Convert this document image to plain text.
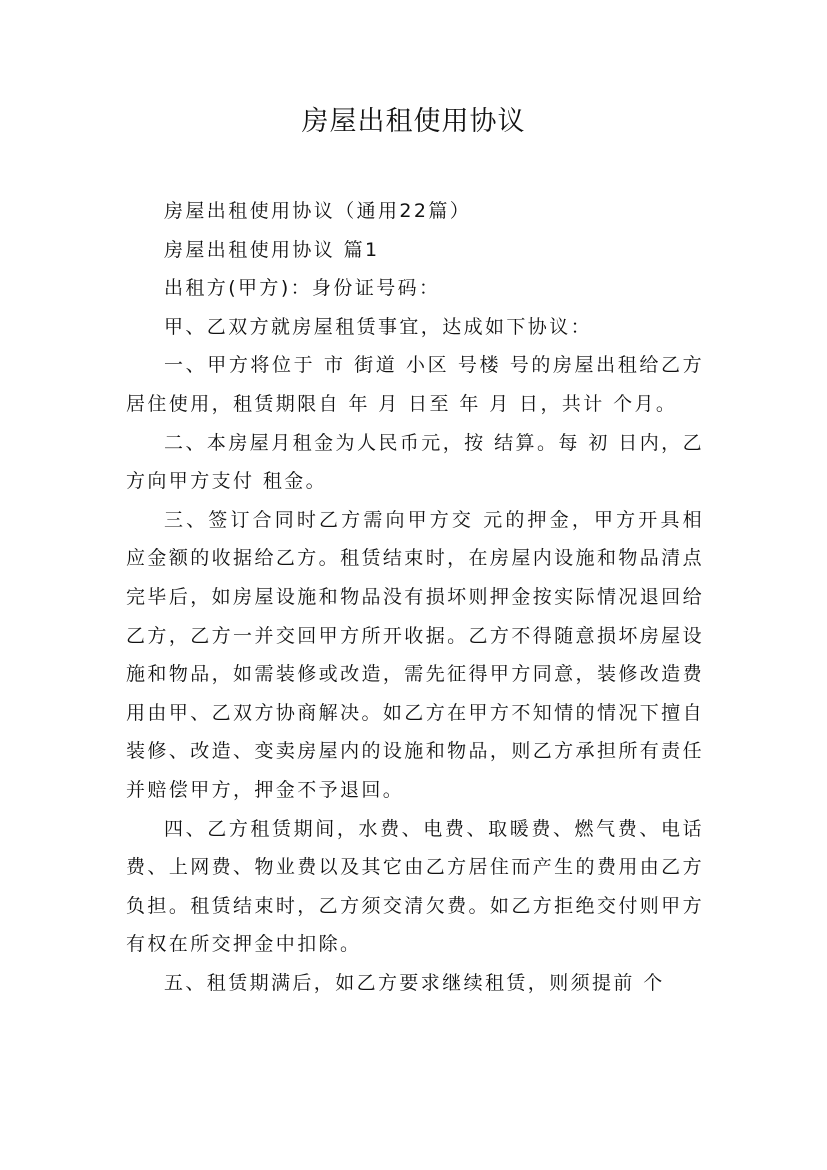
房屋出租使用协议

房屋出租使用协议（通用22篇）

房屋出租使用协议 篇1

出租方(甲方)：身份证号码：

甲、乙双方就房屋租赁事宜，达成如下协议：

一、甲方将位于 市 街道 小区 号楼 号的房屋出租给乙方居住使用，租赁期限自 年 月 日至 年 月 日，共计 个月。

二、本房屋月租金为人民币元，按 结算。每 初 日内，乙方向甲方支付 租金。

三、签订合同时乙方需向甲方交 元的押金，甲方开具相应金额的收据给乙方。租赁结束时，在房屋内设施和物品清点完毕后，如房屋设施和物品没有损坏则押金按实际情况退回给乙方，乙方一并交回甲方所开收据。乙方不得随意损坏房屋设施和物品，如需装修或改造，需先征得甲方同意，装修改造费用由甲、乙双方协商解决。如乙方在甲方不知情的情况下擅自装修、改造、变卖房屋内的设施和物品，则乙方承担所有责任并赔偿甲方，押金不予退回。

四、乙方租赁期间，水费、电费、取暖费、燃气费、电话费、上网费、物业费以及其它由乙方居住而产生的费用由乙方负担。租赁结束时，乙方须交清欠费。如乙方拒绝交付则甲方有权在所交押金中扣除。

五、租赁期满后，如乙方要求继续租赁，则须提前 个
